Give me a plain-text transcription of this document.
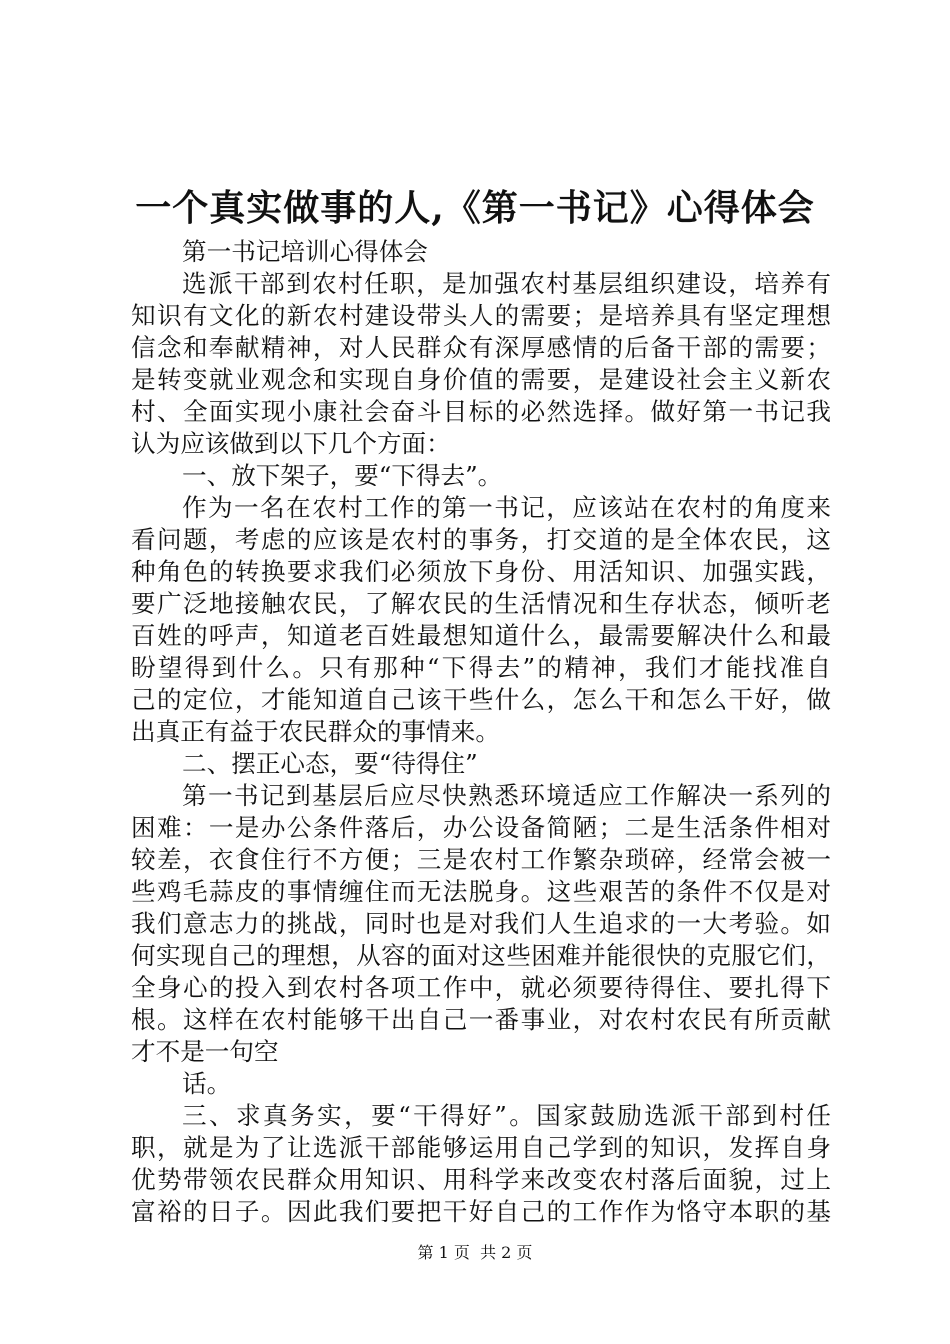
一个真实做事的人,《第一书记》心得体会
第一书记培训心得体会
选派干部到农村任职，是加强农村基层组织建设，培养有
知识有文化的新农村建设带头人的需要；是培养具有坚定理想
信念和奉献精神，对人民群众有深厚感情的后备干部的需要；
是转变就业观念和实现自身价值的需要，是建设社会主义新农
村、全面实现小康社会奋斗目标的必然选择。做好第一书记我
认为应该做到以下几个方面：
一、放下架子，要“下得去”。
作为一名在农村工作的第一书记，应该站在农村的角度来
看问题，考虑的应该是农村的事务，打交道的是全体农民，这
种角色的转换要求我们必须放下身份、用活知识、加强实践，
要广泛地接触农民，了解农民的生活情况和生存状态，倾听老
百姓的呼声，知道老百姓最想知道什么，最需要解决什么和最
盼望得到什么。只有那种“下得去”的精神，我们才能找准自
己的定位，才能知道自己该干些什么，怎么干和怎么干好，做
出真正有益于农民群众的事情来。
二、摆正心态，要“待得住”
第一书记到基层后应尽快熟悉环境适应工作解决一系列的
困难：一是办公条件落后，办公设备简陋；二是生活条件相对
较差，衣食住行不方便；三是农村工作繁杂琐碎，经常会被一
些鸡毛蒜皮的事情缠住而无法脱身。这些艰苦的条件不仅是对
我们意志力的挑战，同时也是对我们人生追求的一大考验。如
何实现自己的理想，从容的面对这些困难并能很快的克服它们，
全身心的投入到农村各项工作中，就必须要待得住、要扎得下
根。这样在农村能够干出自己一番事业，对农村农民有所贡献
才不是一句空
话。
三、求真务实，要“干得好”。国家鼓励选派干部到村任
职，就是为了让选派干部能够运用自己学到的知识，发挥自身
优势带领农民群众用知识、用科学来改变农村落后面貌，过上
富裕的日子。因此我们要把干好自己的工作作为恪守本职的基
第 1 页 共 2 页
